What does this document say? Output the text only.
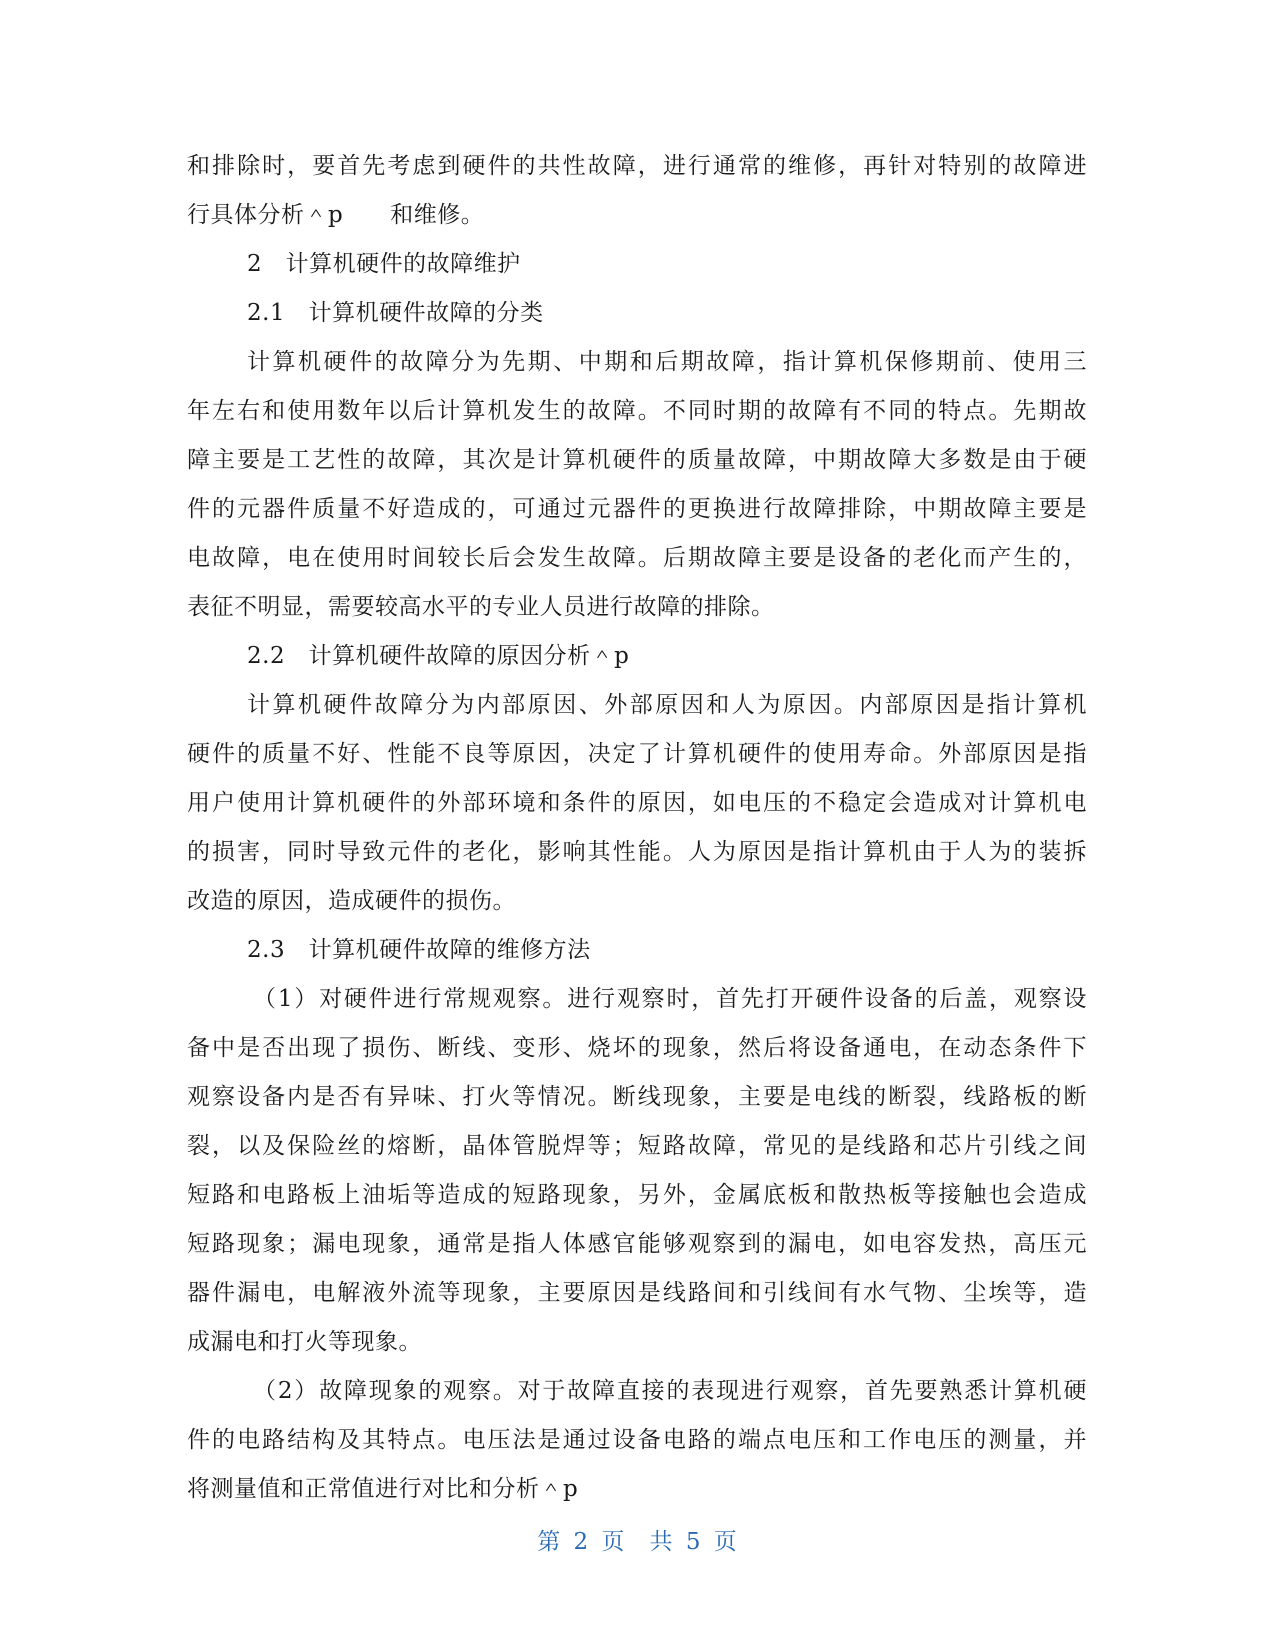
和排除时，要首先考虑到硬件的共性故障，进行通常的维修，再针对特别的故障进
行具体分析＾p　　和维修。
2　计算机硬件的故障维护
2.1　计算机硬件故障的分类
计算机硬件的故障分为先期、中期和后期故障，指计算机保修期前、使用三
年左右和使用数年以后计算机发生的故障。不同时期的故障有不同的特点。先期故
障主要是工艺性的故障，其次是计算机硬件的质量故障，中期故障大多数是由于硬
件的元器件质量不好造成的，可通过元器件的更换进行故障排除，中期故障主要是
电故障，电在使用时间较长后会发生故障。后期故障主要是设备的老化而产生的，
表征不明显，需要较高水平的专业人员进行故障的排除。
2.2　计算机硬件故障的原因分析＾p
计算机硬件故障分为内部原因、外部原因和人为原因。内部原因是指计算机
硬件的质量不好、性能不良等原因，决定了计算机硬件的使用寿命。外部原因是指
用户使用计算机硬件的外部环境和条件的原因，如电压的不稳定会造成对计算机电
的损害，同时导致元件的老化，影响其性能。人为原因是指计算机由于人为的装拆
改造的原因，造成硬件的损伤。
2.3　计算机硬件故障的维修方法
（1）对硬件进行常规观察。进行观察时，首先打开硬件设备的后盖，观察设
备中是否出现了损伤、断线、变形、烧坏的现象，然后将设备通电，在动态条件下
观察设备内是否有异味、打火等情况。断线现象，主要是电线的断裂，线路板的断
裂，以及保险丝的熔断，晶体管脱焊等；短路故障，常见的是线路和芯片引线之间
短路和电路板上油垢等造成的短路现象，另外，金属底板和散热板等接触也会造成
短路现象；漏电现象，通常是指人体感官能够观察到的漏电，如电容发热，高压元
器件漏电，电解液外流等现象，主要原因是线路间和引线间有水气物、尘埃等，造
成漏电和打火等现象。
（2）故障现象的观察。对于故障直接的表现进行观察，首先要熟悉计算机硬
件的电路结构及其特点。电压法是通过设备电路的端点电压和工作电压的测量，并
将测量值和正常值进行对比和分析＾p
第 2 页　共 5 页
